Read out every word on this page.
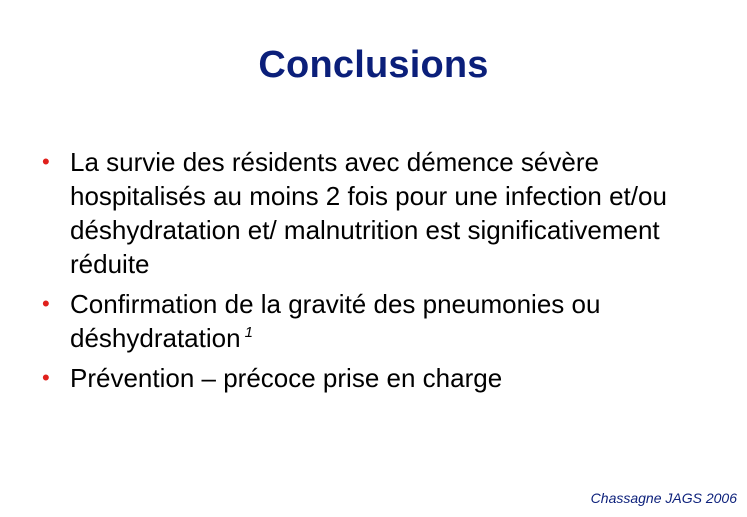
Conclusions
• La survie des résidents avec démence sévère hospitalisés au moins 2 fois pour une infection et/ou déshydratation et/ malnutrition est significativement réduite
• Confirmation de la gravité des pneumonies ou déshydratation $^1$
• Prévention – précoce prise en charge
Chassagne JAGS 2006
